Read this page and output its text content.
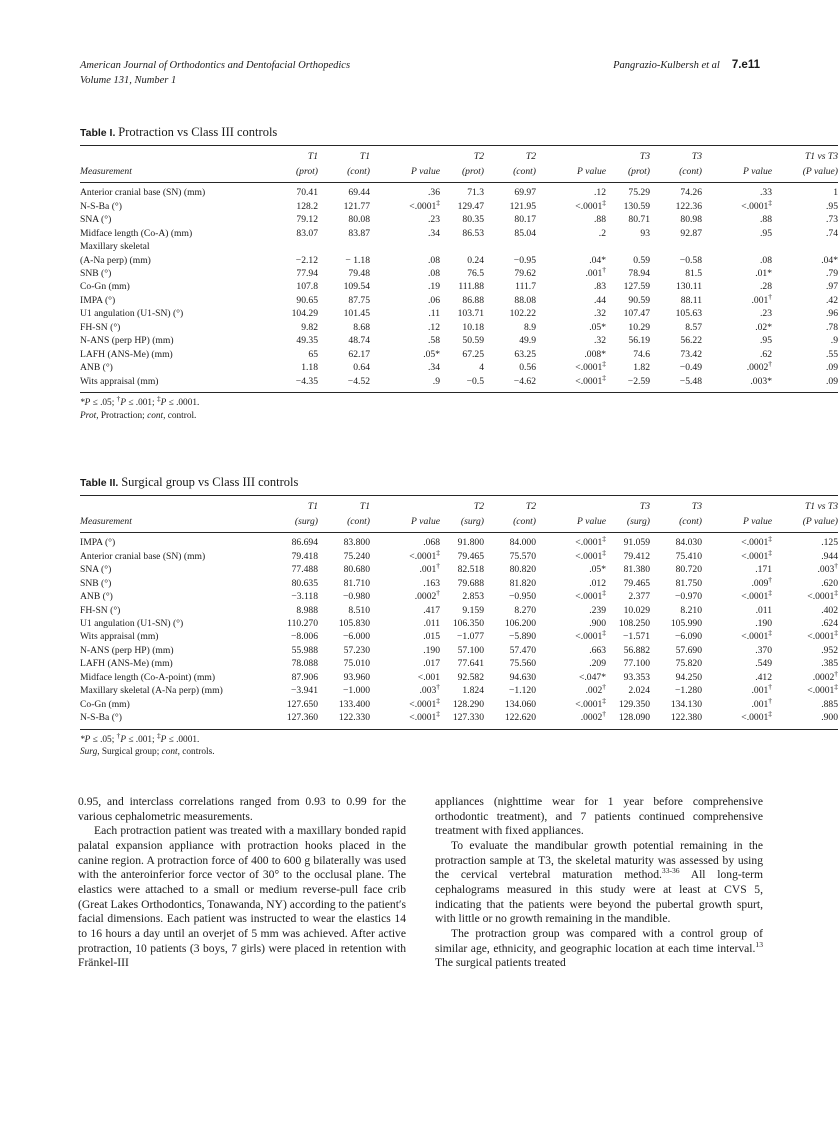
American Journal of Orthodontics and Dentofacial Orthopedics	Pangrazio-Kulbersh et al 7.e11
Volume 131, Number 1
Table I. Protraction vs Class III controls
	T1	T1		T2	T2		T3	T3		T1 vs T3
Measurement	(prot)	(cont)	P value	(prot)	(cont)	P value	(prot)	(cont)	P value	(P value)
Anterior cranial base (SN) (mm)	70.41	69.44	.36	71.3	69.97	.12	75.29	74.26	.33	1
N-S-Ba (°)	128.2	121.77	<.0001‡	129.47	121.95	<.0001‡	130.59	122.36	<.0001‡	.95
SNA (°)	79.12	80.08	.23	80.35	80.17	.88	80.71	80.98	.88	.73
Midface length (Co-A) (mm)	83.07	83.87	.34	86.53	85.04	.2	93	92.87	.95	.74
Maxillary skeletal										
(A-Na perp) (mm)	−2.12	− 1.18	.08	0.24	−0.95	.04*	0.59	−0.58	.08	.04*
SNB (°)	77.94	79.48	.08	76.5	79.62	.001†	78.94	81.5	.01*	.79
Co-Gn (mm)	107.8	109.54	.19	111.88	111.7	.83	127.59	130.11	.28	.97
IMPA (°)	90.65	87.75	.06	86.88	88.08	.44	90.59	88.11	.001†	.42
U1 angulation (U1-SN) (°)	104.29	101.45	.11	103.71	102.22	.32	107.47	105.63	.23	.96
FH-SN (°)	9.82	8.68	.12	10.18	8.9	.05*	10.29	8.57	.02*	.78
N-ANS (perp HP) (mm)	49.35	48.74	.58	50.59	49.9	.32	56.19	56.22	.95	.9
LAFH (ANS-Me) (mm)	65	62.17	.05*	67.25	63.25	.008*	74.6	73.42	.62	.55
ANB (°)	1.18	0.64	.34	4	0.56	<.0001‡	1.82	−0.49	.0002†	.09
Wits appraisal (mm)	−4.35	−4.52	.9	−0.5	−4.62	<.0001‡	−2.59	−5.48	.003*	.09
*P ≤ .05; †P ≤ .001; ‡P ≤ .0001.
Prot, Protraction; cont, control.
Table II. Surgical group vs Class III controls
	T1	T1		T2	T2		T3	T3		T1 vs T3
Measurement	(surg)	(cont)	P value	(surg)	(cont)	P value	(surg)	(cont)	P value	(P value)
IMPA (°)	86.694	83.800	.068	91.800	84.000	<.0001‡	91.059	84.030	<.0001‡	.125
Anterior cranial base (SN) (mm)	79.418	75.240	<.0001‡	79.465	75.570	<.0001‡	79.412	75.410	<.0001‡	.944
SNA (°)	77.488	80.680	.001†	82.518	80.820	.05*	81.380	80.720	.171	.003†
SNB (°)	80.635	81.710	.163	79.688	81.820	.012	79.465	81.750	.009†	.620
ANB (°)	−3.118	−0.980	.0002†	2.853	−0.950	<.0001‡	2.377	−0.970	<.0001‡	<.0001‡
FH-SN (°)	8.988	8.510	.417	9.159	8.270	.239	10.029	8.210	.011	.402
U1 angulation (U1-SN) (°)	110.270	105.830	.011	106.350	106.200	.900	108.250	105.990	.190	.624
Wits appraisal (mm)	−8.006	−6.000	.015	−1.077	−5.890	<.0001‡	−1.571	−6.090	<.0001‡	<.0001‡
N-ANS (perp HP) (mm)	55.988	57.230	.190	57.100	57.470	.663	56.882	57.690	.370	.952
LAFH (ANS-Me) (mm)	78.088	75.010	.017	77.641	75.560	.209	77.100	75.820	.549	.385
Midface length (Co-A-point) (mm)	87.906	93.960	<.001	92.582	94.630	<.047*	93.353	94.250	.412	.0002†
Maxillary skeletal (A-Na perp) (mm)	−3.941	−1.000	.003†	1.824	−1.120	.002†	2.024	−1.280	.001†	<.0001‡
Co-Gn (mm)	127.650	133.400	<.0001‡	128.290	134.060	<.0001‡	129.350	134.130	.001†	.885
N-S-Ba (°)	127.360	122.330	<.0001‡	127.330	122.620	.0002†	128.090	122.380	<.0001‡	.900
*P ≤ .05; †P ≤ .001; ‡P ≤ .0001.
Surg, Surgical group; cont, controls.

0.95, and interclass correlations ranged from 0.93 to 0.99 for the various cephalometric measurements.

Each protraction patient was treated with a maxillary bonded rapid palatal expansion appliance with protraction hooks placed in the canine region. A protraction force of 400 to 600 g bilaterally was used with the anteroinferior force vector of 30° to the occlusal plane. The elastics were attached to a small or medium reverse-pull face crib (Great Lakes Orthodontics, Tonawanda, NY) according to the patient′s facial dimensions. Each patient was instructed to wear the elastics 14 to 16 hours a day until an overjet of 5 mm was achieved. After active protraction, 10 patients (3 boys, 7 girls) were placed in retention with Fränkel-III

appliances (nighttime wear for 1 year before comprehensive orthodontic treatment), and 7 patients continued comprehensive treatment with fixed appliances.

To evaluate the mandibular growth potential remaining in the protraction sample at T3, the skeletal maturity was assessed by using the cervical vertebral maturation method.$^{33-36}$ All long-term cephalograms measured in this study were at least at CVS 5, indicating that the patients were beyond the pubertal growth spurt, with little or no growth remaining in the mandible.

The protraction group was compared with a control group of similar age, ethnicity, and geographic location at each time interval.$^{13}$ The surgical patients treated
